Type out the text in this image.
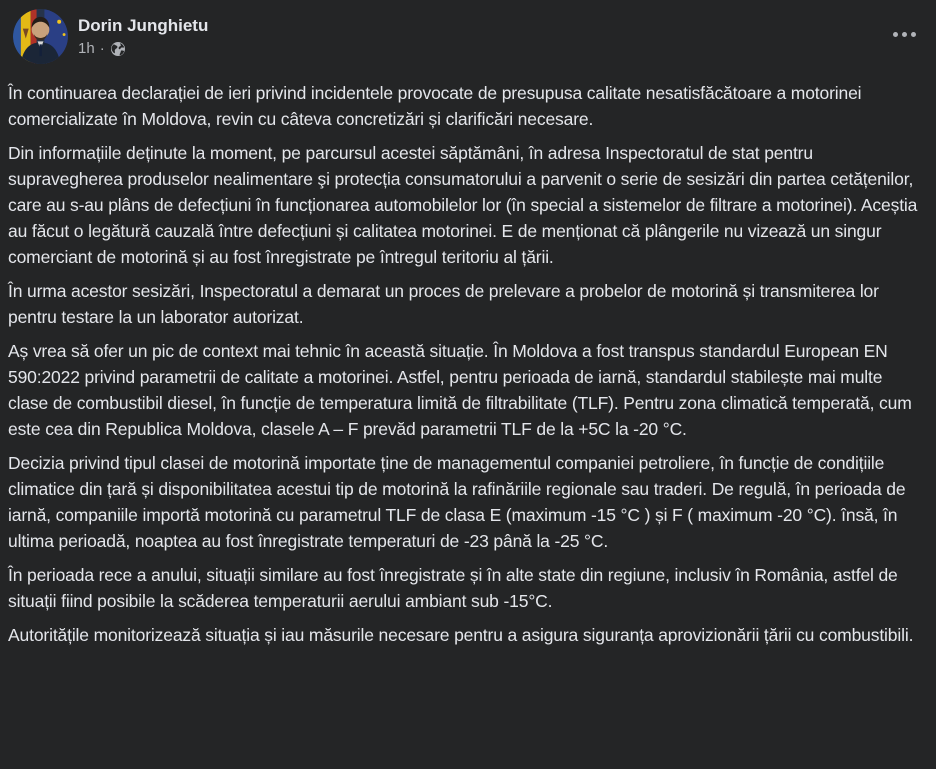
Dorin Junghietu
1h ·

În continuarea declarației de ieri privind incidentele provocate de presupusa calitate nesatisfăcătoare a motorinei comercializate în Moldova, revin cu câteva concretizări și clarificări necesare.

Din informațiile deținute la moment, pe parcursul acestei săptămâni, în adresa Inspectoratul de stat pentru supravegherea produselor nealimentare şi protecția consumatorului a parvenit o serie de sesizări din partea cetățenilor, care au s-au plâns de defecțiuni în funcționarea automobilelor lor (în special a sistemelor de filtrare a motorinei). Aceștia au făcut o legătură cauzală între defecțiuni și calitatea motorinei. E de menționat că plângerile nu vizează un singur comerciant de motorină și au fost înregistrate pe întregul teritoriu al țării.

În urma acestor sesizări, Inspectoratul a demarat un proces de prelevare a probelor de motorină și transmiterea lor pentru testare la un laborator autorizat.

Aș vrea să ofer un pic de context mai tehnic în această situație. În Moldova a fost transpus standardul European EN 590:2022 privind parametrii de calitate a motorinei. Astfel, pentru perioada de iarnă, standardul stabilește mai multe clase de combustibil diesel, în funcție de temperatura limită de filtrabilitate (TLF). Pentru zona climatică temperată, cum este cea din Republica Moldova, clasele A – F prevăd parametrii TLF de la +5C la -20 °C.

Decizia privind tipul clasei de motorină importate ține de managementul companiei petroliere, în funcție de condițiile climatice din țară și disponibilitatea acestui tip de motorină la rafinăriile regionale sau traderi. De regulă, în perioada de iarnă, companiile importă motorină cu parametrul TLF de clasa E (maximum -15 °C ) și F ( maximum -20 °C). însă, în ultima perioadă, noaptea au fost înregistrate temperaturi de -23 până la -25 °C.

În perioada rece a anului, situații similare au fost înregistrate și în alte state din regiune, inclusiv în România, astfel de situații fiind posibile la scăderea temperaturii aerului ambiant sub -15°C.

Autoritățile monitorizează situația și iau măsurile necesare pentru a asigura siguranța aprovizionării țării cu combustibili.
